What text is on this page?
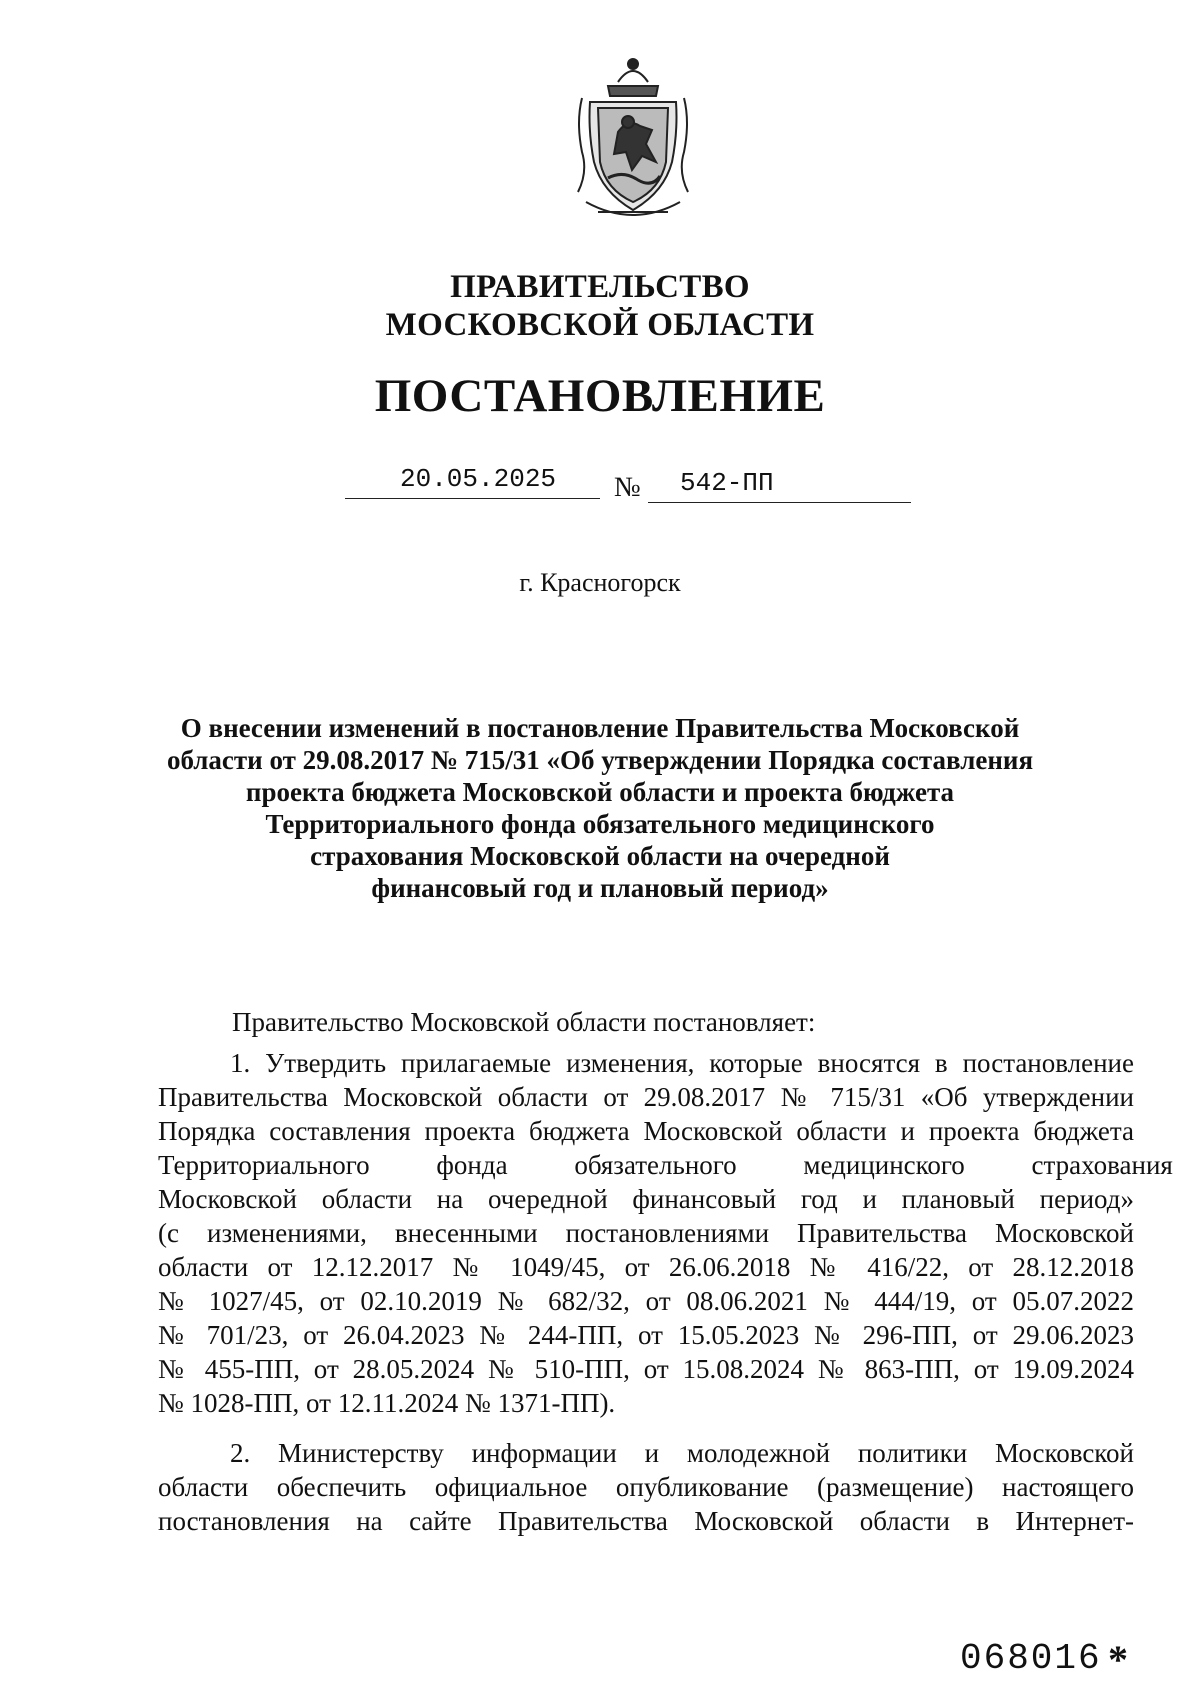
ПРАВИТЕЛЬСТВО
МОСКОВСКОЙ ОБЛАСТИ
ПОСТАНОВЛЕНИЕ
20.05.2025 № 542-ПП
г. Красногорск
О внесении изменений в постановление Правительства Московской
области от 29.08.2017 № 715/31 «Об утверждении Порядка составления
проекта бюджета Московской области и проекта бюджета
Территориального фонда обязательного медицинского
страхования Московской области на очередной
финансовый год и плановый период»
Правительство Московской области постановляет:
1. Утвердить прилагаемые изменения, которые вносятся в постановление
Правительства Московской области от 29.08.2017 № 715/31 «Об утверждении
Порядка составления проекта бюджета Московской области и проекта бюджета
Территориального фонда обязательного медицинского страхования
Московской области на очередной финансовый год и плановый период»
(с изменениями, внесенными постановлениями Правительства Московской
области от 12.12.2017 № 1049/45, от 26.06.2018 № 416/22, от 28.12.2018
№ 1027/45, от 02.10.2019 № 682/32, от 08.06.2021 № 444/19, от 05.07.2022
№ 701/23, от 26.04.2023 № 244-ПП, от 15.05.2023 № 296-ПП, от 29.06.2023
№ 455-ПП, от 28.05.2024 № 510-ПП, от 15.08.2024 № 863-ПП, от 19.09.2024
№ 1028-ПП, от 12.11.2024 № 1371-ПП).
2. Министерству информации и молодежной политики Московской
области обеспечить официальное опубликование (размещение) настоящего
постановления на сайте Правительства Московской области в Интернет-
068016 *
